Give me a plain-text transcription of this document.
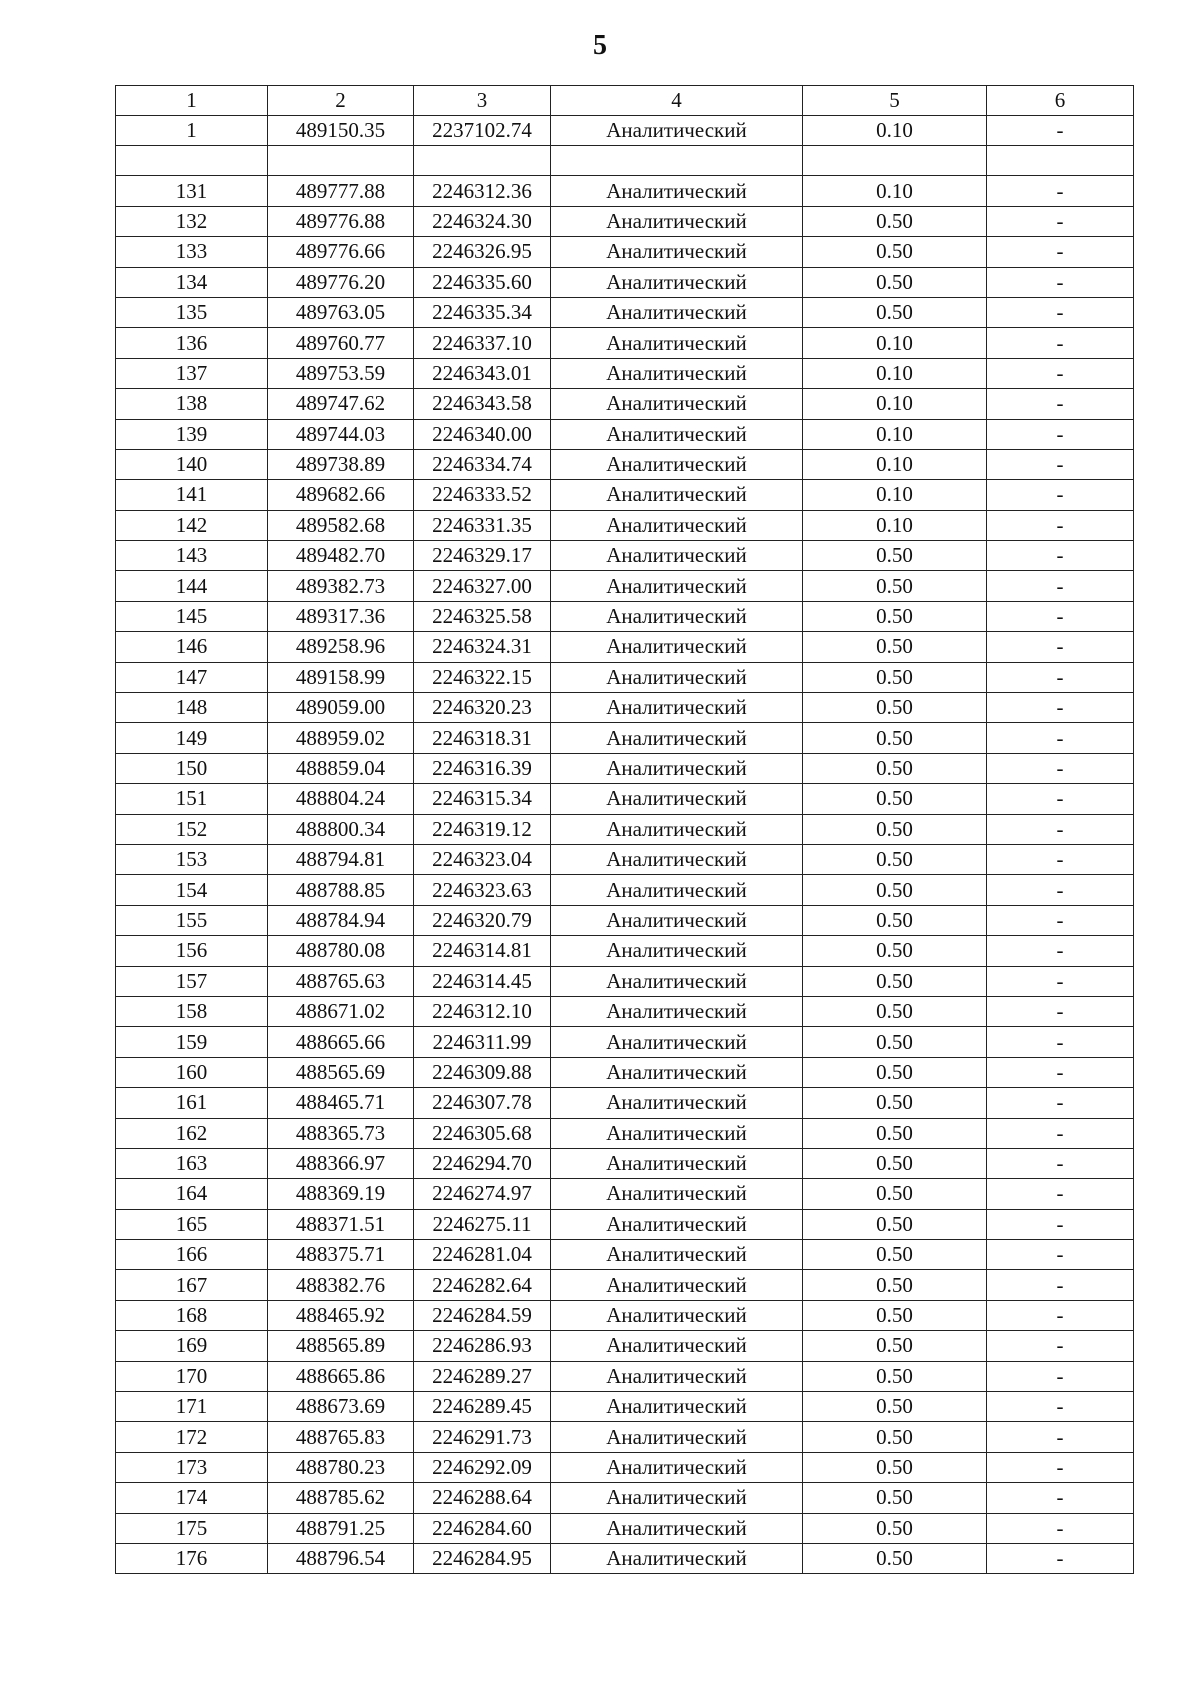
5
1	2	3	4	5	6
1	489150.35	2237102.74	Аналитический	0.10	-

131	489777.88	2246312.36	Аналитический	0.10	-
132	489776.88	2246324.30	Аналитический	0.50	-
133	489776.66	2246326.95	Аналитический	0.50	-
134	489776.20	2246335.60	Аналитический	0.50	-
135	489763.05	2246335.34	Аналитический	0.50	-
136	489760.77	2246337.10	Аналитический	0.10	-
137	489753.59	2246343.01	Аналитический	0.10	-
138	489747.62	2246343.58	Аналитический	0.10	-
139	489744.03	2246340.00	Аналитический	0.10	-
140	489738.89	2246334.74	Аналитический	0.10	-
141	489682.66	2246333.52	Аналитический	0.10	-
142	489582.68	2246331.35	Аналитический	0.10	-
143	489482.70	2246329.17	Аналитический	0.50	-
144	489382.73	2246327.00	Аналитический	0.50	-
145	489317.36	2246325.58	Аналитический	0.50	-
146	489258.96	2246324.31	Аналитический	0.50	-
147	489158.99	2246322.15	Аналитический	0.50	-
148	489059.00	2246320.23	Аналитический	0.50	-
149	488959.02	2246318.31	Аналитический	0.50	-
150	488859.04	2246316.39	Аналитический	0.50	-
151	488804.24	2246315.34	Аналитический	0.50	-
152	488800.34	2246319.12	Аналитический	0.50	-
153	488794.81	2246323.04	Аналитический	0.50	-
154	488788.85	2246323.63	Аналитический	0.50	-
155	488784.94	2246320.79	Аналитический	0.50	-
156	488780.08	2246314.81	Аналитический	0.50	-
157	488765.63	2246314.45	Аналитический	0.50	-
158	488671.02	2246312.10	Аналитический	0.50	-
159	488665.66	2246311.99	Аналитический	0.50	-
160	488565.69	2246309.88	Аналитический	0.50	-
161	488465.71	2246307.78	Аналитический	0.50	-
162	488365.73	2246305.68	Аналитический	0.50	-
163	488366.97	2246294.70	Аналитический	0.50	-
164	488369.19	2246274.97	Аналитический	0.50	-
165	488371.51	2246275.11	Аналитический	0.50	-
166	488375.71	2246281.04	Аналитический	0.50	-
167	488382.76	2246282.64	Аналитический	0.50	-
168	488465.92	2246284.59	Аналитический	0.50	-
169	488565.89	2246286.93	Аналитический	0.50	-
170	488665.86	2246289.27	Аналитический	0.50	-
171	488673.69	2246289.45	Аналитический	0.50	-
172	488765.83	2246291.73	Аналитический	0.50	-
173	488780.23	2246292.09	Аналитический	0.50	-
174	488785.62	2246288.64	Аналитический	0.50	-
175	488791.25	2246284.60	Аналитический	0.50	-
176	488796.54	2246284.95	Аналитический	0.50	-
